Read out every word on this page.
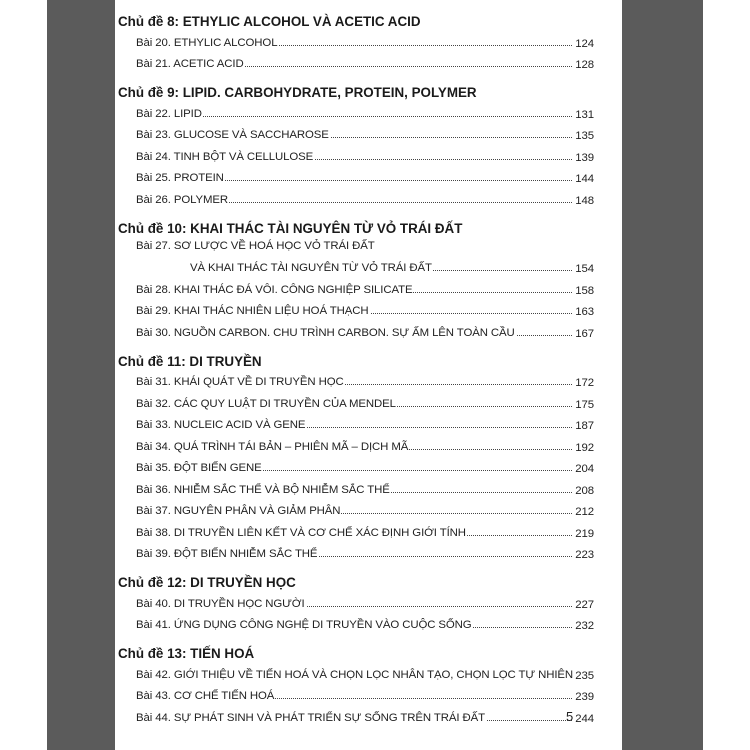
Chủ đề 8: ETHYLIC ALCOHOL VÀ ACETIC ACID
Bài 20. ETHYLIC ALCOHOL	124
Bài 21. ACETIC ACID	128
Chủ đề 9: LIPID. CARBOHYDRATE, PROTEIN, POLYMER
Bài 22. LIPID	131
Bài 23. GLUCOSE VÀ SACCHAROSE	135
Bài 24. TINH BỘT VÀ CELLULOSE	139
Bài 25. PROTEIN	144
Bài 26. POLYMER	148
Chủ đề 10: KHAI THÁC TÀI NGUYÊN TỪ VỎ TRÁI ĐẤT
Bài 27. SƠ LƯỢC VỀ HOÁ HỌC VỎ TRÁI ĐẤT
VÀ KHAI THÁC TÀI NGUYÊN TỪ VỎ TRÁI ĐẤT	154
Bài 28. KHAI THÁC ĐÁ VÔI. CÔNG NGHIỆP SILICATE	158
Bài 29. KHAI THÁC NHIÊN LIỆU HOÁ THẠCH	163
Bài 30. NGUỒN CARBON. CHU TRÌNH CARBON. SỰ ẤM LÊN TOÀN CẦU	167
Chủ đề 11: DI TRUYỀN
Bài 31. KHÁI QUÁT VỀ DI TRUYỀN HỌC	172
Bài 32. CÁC QUY LUẬT DI TRUYỀN CỦA MENDEL	175
Bài 33. NUCLEIC ACID VÀ GENE	187
Bài 34. QUÁ TRÌNH TÁI BẢN – PHIÊN MÃ – DỊCH MÃ	192
Bài 35. ĐỘT BIẾN GENE	204
Bài 36. NHIỄM SẮC THỂ VÀ BỘ NHIỄM SẮC THỂ	208
Bài 37. NGUYÊN PHÂN VÀ GIẢM PHÂN	212
Bài 38. DI TRUYỀN LIÊN KẾT VÀ CƠ CHẾ XÁC ĐỊNH GIỚI TÍNH	219
Bài 39. ĐỘT BIẾN NHIỄM SẮC THỂ	223
Chủ đề 12: DI TRUYỀN HỌC
Bài 40. DI TRUYỀN HỌC NGƯỜI	227
Bài 41. ỨNG DỤNG CÔNG NGHỆ DI TRUYỀN VÀO CUỘC SỐNG	232
Chủ đề 13: TIẾN HOÁ
Bài 42. GIỚI THIỆU VỀ TIẾN HOÁ VÀ CHỌN LỌC NHÂN TẠO, CHỌN LỌC TỰ NHIÊN 235
Bài 43. CƠ CHẾ TIẾN HOÁ	239
Bài 44. SỰ PHÁT SINH VÀ PHÁT TRIỂN SỰ SỐNG TRÊN TRÁI ĐẤT	244
5
